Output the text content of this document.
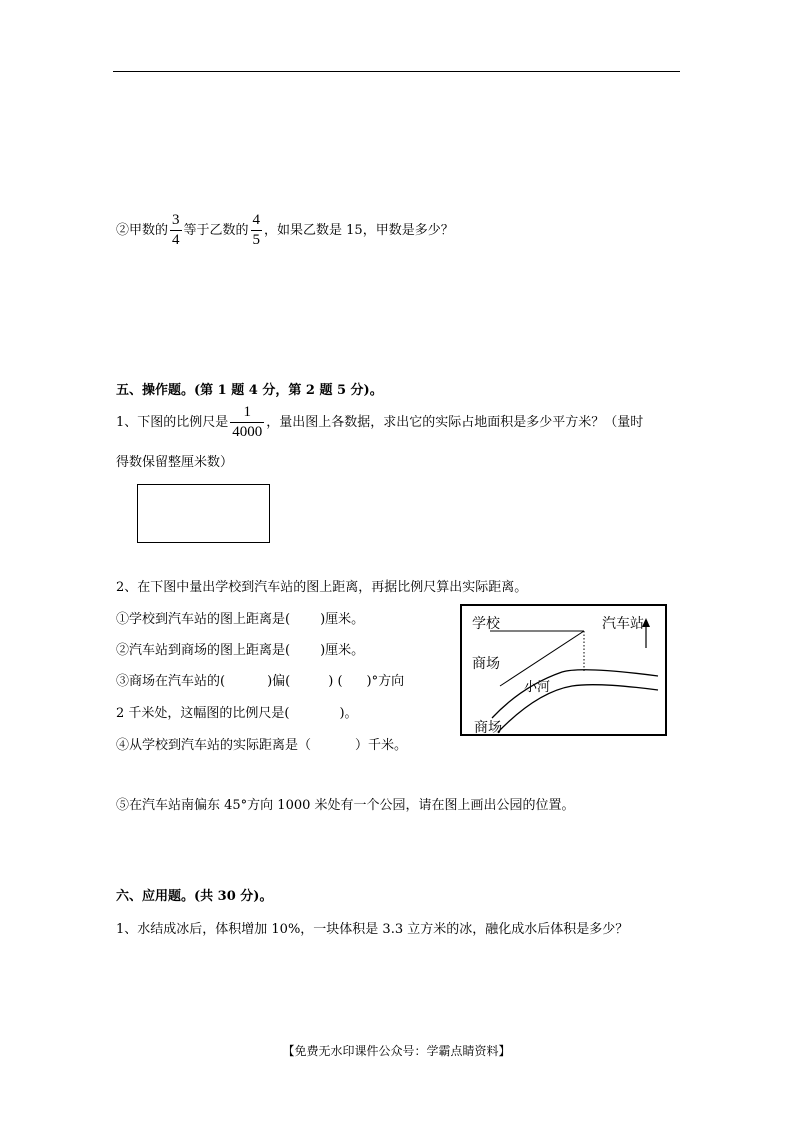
②甲数的 $\frac{3}{4}$ 等于乙数的 $\frac{4}{5}$ ，如果乙数是 15，甲数是多少？
五、操作题。(第 1 题 4 分，第 2 题 5 分)。
1、下图的比例尺是 $\frac{1}{4000}$ ，量出图上各数据，求出它的实际占地面积是多少平方米？（量时
得数保留整厘米数）
2、在下图中量出学校到汽车站的图上距离，再据比例尺算出实际距离。
①学校到汽车站的图上距离是( )厘米。
②汽车站到商场的图上距离是( )厘米。
③商场在汽车站的(	)偏(	) ( )°方向
2 千米处，这幅图的比例尺是(	)。
④从学校到汽车站的实际距离是（	）千米。
学校	汽车站
商场
小河
商场
⑤在汽车站南偏东 45°方向 1000 米处有一个公园，请在图上画出公园的位置。
六、应用题。(共 30 分)。
1、水结成冰后，体积增加 10%，一块体积是 3.3 立方米的冰，融化成水后体积是多少？
【免费无水印课件公众号：学霸点睛资料】
